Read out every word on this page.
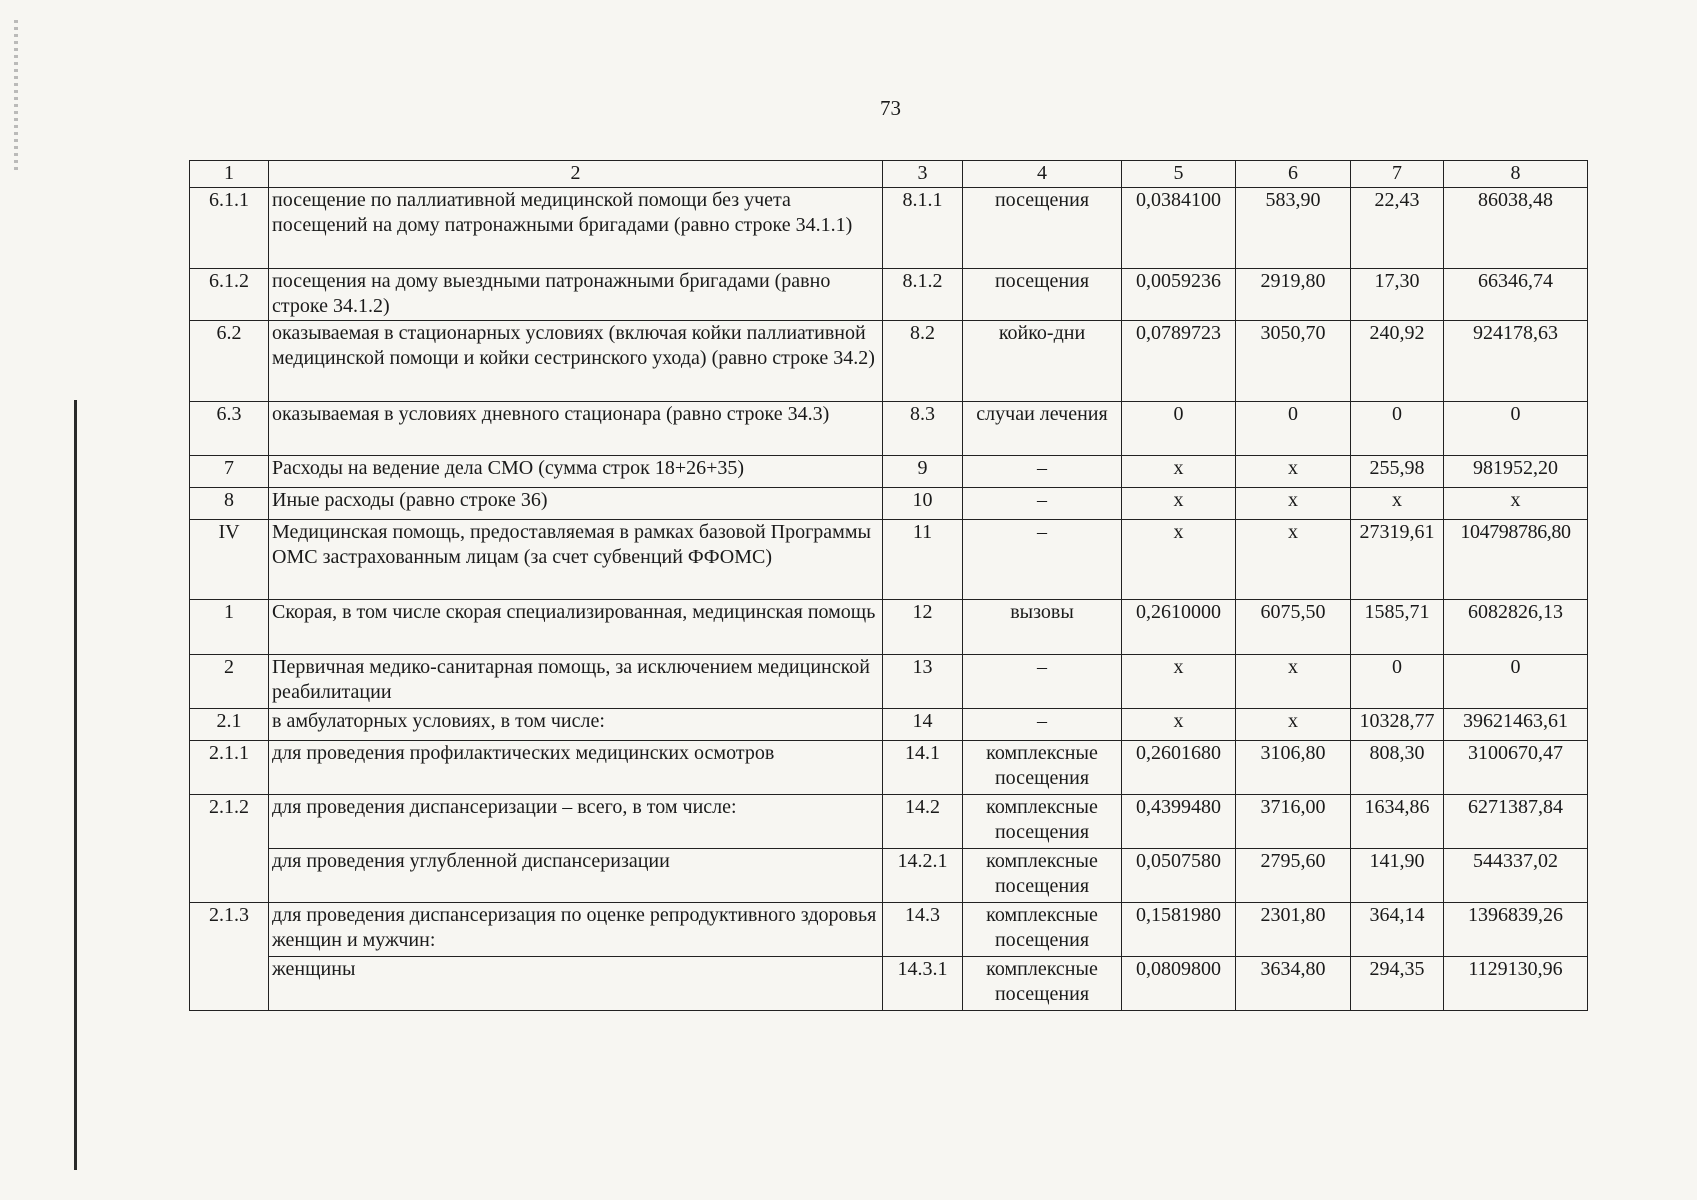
73
1	2	3	4	5	6	7	8
6.1.1	посещение по паллиативной медицинской помощи без учета посещений на дому патронажными бригадами (равно строке 34.1.1)	8.1.1	посещения	0,0384100	583,90	22,43	86038,48
6.1.2	посещения на дому выездными патронажными бригадами (равно строке 34.1.2)	8.1.2	посещения	0,0059236	2919,80	17,30	66346,74
6.2	оказываемая в стационарных условиях (включая койки паллиативной медицинской помощи и койки сестринского ухода) (равно строке 34.2)	8.2	койко-дни	0,0789723	3050,70	240,92	924178,63
6.3	оказываемая в условиях дневного стационара (равно строке 34.3)	8.3	случаи лечения	0	0	0	0
7	Расходы на ведение дела СМО (сумма строк 18+26+35)	9	–	х	х	255,98	981952,20
8	Иные расходы (равно строке 36)	10	–	х	х	х	х
IV	Медицинская помощь, предоставляемая в рамках базовой Программы ОМС застрахованным лицам (за счет субвенций ФФОМС)	11	–	х	х	27319,61	104798786,80
1	Скорая, в том числе скорая специализированная, медицинская помощь	12	вызовы	0,2610000	6075,50	1585,71	6082826,13
2	Первичная медико-санитарная помощь, за исключением медицинской реабилитации	13	–	х	х	0	0
2.1	в амбулаторных условиях, в том числе:	14	–	х	х	10328,77	39621463,61
2.1.1	для проведения профилактических медицинских осмотров	14.1	комплексные посещения	0,2601680	3106,80	808,30	3100670,47
2.1.2	для проведения диспансеризации – всего, в том числе:	14.2	комплексные посещения	0,4399480	3716,00	1634,86	6271387,84
	для проведения углубленной диспансеризации	14.2.1	комплексные посещения	0,0507580	2795,60	141,90	544337,02
2.1.3	для проведения диспансеризация по оценке репродуктивного здоровья женщин и мужчин:	14.3	комплексные посещения	0,1581980	2301,80	364,14	1396839,26
	женщины	14.3.1	комплексные посещения	0,0809800	3634,80	294,35	1129130,96
